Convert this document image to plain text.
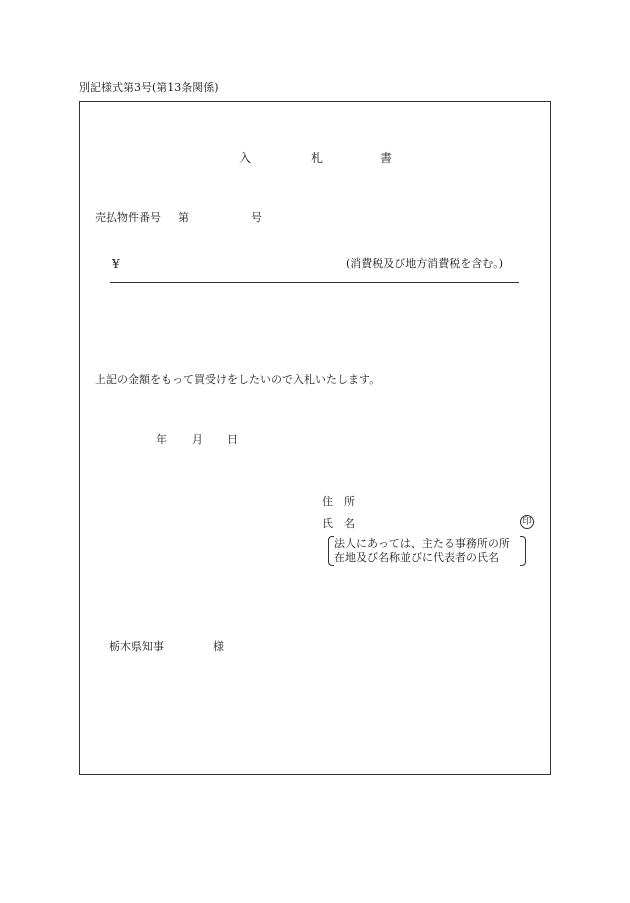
別記様式第3号(第13条関係)
入	札	書
売払物件番号 第	号
¥	(消費税及び地方消費税を含む。)
上記の金額をもって買受けをしたいので入札いたします。
年 月 日
住　所
氏　名	印
法人にあっては、主たる事務所の所
在地及び名称並びに代表者の氏名
栃木県知事	様
